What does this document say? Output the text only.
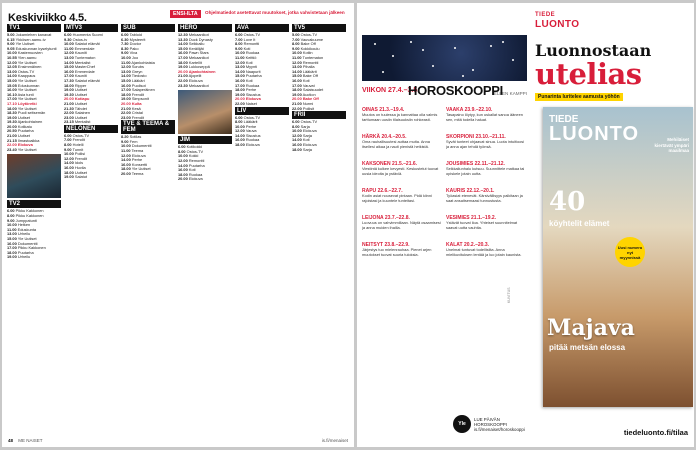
Keskiviikko 4.5.	ENSI-ILTA	Ohjelmatiedot asetettavat muutokset, jotka vahvistetaan jälkeen
TV1
5.00 Jokamiehen kanavat
6.15 Ykkösen aamu-tv
9.00 Yle Uutiset
9.05 Eduskunnan kyselytunti
10.00 Kastemuovien
10.55 Ylen aamu
12.00 Yle Uutiset
12.05 Ensimmäinen
13.00 Ostos-TV
14.00 Kaappaus
15.00 Yle Uutiset
15.05 Eduskunnan
16.00 Yle Uutiset
16.10 Asia tunti
17.00 Yle Uutiset
17.10 Löytöretki
18.00 Yle Uutiset
18.30 Puoli seitsemän
19.00 Uutiset
19.30 Ajankohtainen
20.00 Kotikatu
20.50 Puutarha
21.00 Uutiset
21.15 Ilmastoaikka
22.00 Elokuva
23.40 Yle Uutiset
TV2
6.00 Pikku Kakkonen
8.00 Pikku Kakkonen
9.00 Jumppatunti
10.00 Hetken
11.00 Eduskunta
13.00 Urheilu
15.00 Yle Uutiset
16.00 Dokumentti
17.00 Pikku Kakkonen
18.00 Puutarha
19.00 Urheilu
MTV3
6.00 Huomenta Suomi
9.30 Ostos-tv
10.00 Salatut elämät
11.00 Emmerdale
12.00 Kauniit
13.00 Tuntematon
14.00 Mentalist
15.00 MasterChef
16.00 Emmerdale
17.00 Kauniit
17.30 Salatut elämät
18.00 Ripper
19.00 Uutiset
19.30 Uutiset
20.00 Kotiapu
21.00 Uutiset
21.30 Tähdet
22.00 Salainen
23.00 Uutiset
23.15 Mentalist
NELONEN
6.00 Ostos-TV
7.00 Frendit
8.00 Hotelli
9.00 Tunnit
10.00 Poliisi
12.00 Frendit
14.00 Idols
16.00 Huvila
18.00 Uutiset
19.00 Salatut
SUB
6.00 Tabloid
6.30 Mysteerit
7.30 Doctor
8.30 Pako
9.00 Viva
10.00 Joo
11.00 Ajankohtaista
12.00 Scrubs
13.00 Greyn
14.00 Tiedosto
15.00 Lääkäri
16.00 Puolisot
17.00 Salaperäinen
18.00 Frendit
19.00 Simpsonit
20.00 Kulta
21.00 Kesä
22.00 Cristal
23.00 Frendit
TVE & TEEMA & FEM
8.20 Sotilas
9.00 Fem
10.00 Dokumentti
11.00 Teema
12.00 Elokuva
14.00 Perhe
16.00 Konsertti
18.00 Yle Uutiset
20.00 Teema
HERO
12.30 Mekaanikot
13.30 Duck Dynasty
14.00 Seikkailu
15.00 Keräilijät
16.00 Pawn Stars
17.00 Mekaanikot
18.00 Kartellit
19.00 Lukkoseppä
20.00 Ajankohtainen
21.00 Ajopelit
22.00 Elokuva
23.30 Mekaanikot
JIM
6.00 Kotikokki
8.00 Ostos-TV
10.00 Kokki
12.00 Remontti
14.00 Puutarha
16.00 Koti
18.00 Ruokaa
20.00 Elokuva
AVA
6.00 Ostos-TV
7.00 Love It
8.00 Remontti
9.00 Koti
10.00 Ruokaa
11.00 Keittiö
12.00 Koti
13.00 Myynti
14.00 Naapurit
15.00 Puutarha
16.00 Koti
17.00 Ruokaa
18.00 Perhe
19.00 Sisustus
20.00 Elokuva
22.00 Naiset
LIV
6.00 Ostos-TV
8.00 Lääkärit
10.00 Perhe
12.00 Vauva
14.00 Sisustus
16.00 Ruokaa
18.00 Elokuva
TV5
5.00 Ostos-TV
7.00 Vauvakuume
8.00 Bake Off
9.00 Kokkikoulu
10.00 Kotiin
11.00 Tuntematon
12.00 Remontti
13.00 Pihalla
14.00 Lääkärit
15.00 Bake Off
16.00 Koti
17.00 Vauvat
18.00 Salaisuudet
19.00 Auction
20.00 Bake Off
21.00 Nurmi
22.00 Poliisit
FRII
6.00 Ostos-TV
8.00 Sarja
10.00 Elokuva
12.00 Sarja
14.00 Koti
16.00 Elokuva
18.00 Sarja
48 ME NAISET	is.fi/menaiset
VIIKON 27.4.–3.5.
HOROSKOOPPI
ELLEN KAMPPI
OINAS 21.3.–19.4.
Muutos on tuulessa ja kannattaa olla valmis tarttumaan uusiin tilaisuuksiin rohkeasti.
HÄRKÄ 20.4.–20.5.
Oma rauhallisuutesi auttaa muita. Anna itsellesi aikaa ja nauti pienistä hetkistä.
KAKSONEN 21.5.–21.6.
Viestintä kulkee kevyesti. Keskustelut tuovat uusia ideoita ja ystäviä.
RAPU 22.6.–22.7.
Kodin asiat nousevat pintaan. Pidä kiinni rajoistasi ja kuuntele tunteitasi.
LEIJONA 23.7.–22.8.
Luovuus on vahvimmillaan. Näytä osaamisesi ja anna muiden ihailla.
NEITSYT 23.8.–22.9.
Järjestys tuo mielenrauhaa. Pienet arjen muutokset tuovat suuria tuloksia.
VAAKA 23.9.–22.10.
Tasapaino löytyy, kun uskallat sanoa ääneen sen, mitä todella haluat.
SKORPIONI 23.10.–21.11.
Syvät tunteet ohjaavat sinua. Luota intuitioosi ja anna ajan tehdä työnsä.
JOUSIMIES 22.11.–21.12.
Seikkailunhalu kutsuu. Suunnittele matkaa tai opiskele jotain uutta.
KAURIS 22.12.–20.1.
Työasiat etenevät. Kärsivällisyys palkitaan ja saat ansaitsemaasi tunnustusta.
VESIMIES 21.1.–19.2.
Ystävät tuovat iloa. Yhteiset suunnitelmat saavat uutta vauhtia.
KALAT 20.2.–20.3.
Unelmat tuntuvat todellisilta. Anna mielikuvituksen lentää ja luo jotain kaunista.
Yle
LUE PÄIVÄN HOROSKOOPPI is.fi/menaiset/horoskooppi
KUVITUS
TIEDE
LUONTO
Luonnostaan
utelias
Punarinta luritelee aamusta yöhön
TIEDE
LUONTO	Mehiläiset kiertävät ympäri maailmaa
40
köyhtelit elämet
Uusi numero nyt myynnissä
Majava
pitää metsän elossa
tiedeluonto.fi/tilaa
